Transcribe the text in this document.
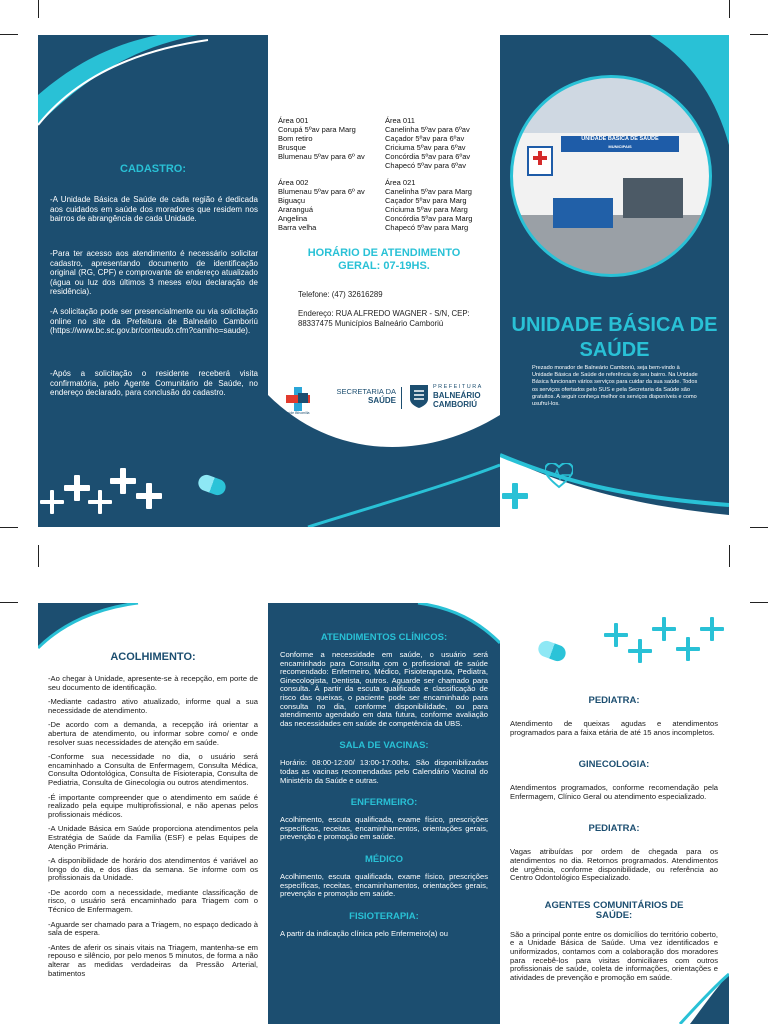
CADASTRO:

-A Unidade Básica de Saúde de cada região é dedicada aos cuidados em saúde dos moradores que residem nos bairros de abrangência de cada Unidade.

-Para ter acesso aos atendimento é necessário solicitar cadastro, apresentando documento de identificação original (RG, CPF) e comprovante de endereço atualizado (água ou luz dos últimos 3 meses e/ou declaração de residência).

-A solicitação pode ser presencialmente ou via solicitação online no site da Prefeitura de Balneário Camboriú (https://www.bc.sc.gov.br/conteudo.cfm?camiho=saude).

-Após a solicitação o residente receberá visita confirmatória, pelo Agente Comunitário de Saúde, no endereço declarado, para conclusão do cadastro.

Área 001
Corupá 5ºav para Marg
Bom retiro
Brusque
Blumenau 5ºav para 6º av
Área 011
Canelinha 5ºav para 6ºav
Caçador 5ºav para 6ºav
Criciuma 5ºav para 6ºav
Concórdia 5ºav para 6ºav
Chapecó 5ºav para 6ºav
Área 002
Blumenau 5ºav para 6º av
Biguaçu
Araranguá
Angelina
Barra velha
Área 021
Canelinha 5ºav para Marg
Caçador 5ºav para Marg
Criciuma 5ºav para Marg
Concórdia 5ºav para Marg
Chapecó 5ºav para Marg

HORÁRIO DE ATENDIMENTO GERAL: 07-19HS.

Telefone: (47) 32616289

Endereço: RUA ALFREDO WAGNER - S/N, CEP: 88337475 Municípios Balneário Camboriú

Saúde Bthomilla
SECRETARIA DA
SAÚDE
PREFEITURA
BALNEÁRIO
CAMBORIÚ
UNIDADE BÁSICA DE SAÚDE
MUNICIPAIS

UNIDADE BÁSICA DE SAÚDE

Prezado morador de Balneário Camboriú, seja bem-vindo à Unidade Básica de Saúde de referência do seu bairro. Na Unidade Básica funcionam vários serviços para cuidar da sua saúde. Todos os serviços ofertados pelo SUS e pela Secretaria da Saúde são gratuitos. A seguir conheça melhor os serviços disponíveis e como usufruí-los.

ACOLHIMENTO:

-Ao chegar à Unidade, apresente-se à recepção, em porte de seu documento de identificação.

-Mediante cadastro ativo atualizado, informe qual a sua necessidade de atendimento.

-De acordo com a demanda, a recepção irá orientar a abertura de atendimento, ou informar sobre como/ e onde resolver suas necessidades de atenção em saúde.

-Conforme sua necessidade no dia, o usuário será encaminhado a Consulta de Enfermagem, Consulta Médica, Consulta Odontológica, Consulta de Fisioterapia, Consulta de Pediatria, Consulta de Ginecologia ou outros atendimentos.

-É importante compreender que o atendimento em saúde é realizado pela equipe multiprofissional, e não apenas pelos profissionais médicos.

-A Unidade Básica em Saúde proporciona atendimentos pela Estratégia de Saúde da Família (ESF) e pelas Equipes de Atenção Primária.

-A disponibilidade de horário dos atendimentos é variável ao longo do dia, e dos dias da semana. Se informe com os profissionais da Unidade.

-De acordo com a necessidade, mediante classificação de risco, o usuário será encaminhado para Triagem com o Técnico de Enfermagem.

-Aguarde ser chamado para a Triagem, no espaço dedicado à sala de espera.

-Antes de aferir os sinais vitais na Triagem, mantenha-se em repouso e silêncio, por pelo menos 5 minutos, de forma a não alterar as medidas verdadeiras da Pressão Arterial, batimentos

ATENDIMENTOS CLÍNICOS:

Conforme a necessidade em saúde, o usuário será encaminhado para Consulta com o profissional de saúde recomendado: Enfermeiro, Médico, Fisioterapeuta, Pediatra, Ginecologista, Dentista, outros. Aguarde ser chamado para consulta. À partir da escuta qualificada e classificação de risco das queixas, o paciente pode ser encaminhado para consulta no dia, conforme disponibilidade, ou para atendimento agendado em data futura, conforme avaliação das necessidades em saúde de competência da UBS.

SALA DE VACINAS:

Horário: 08:00-12:00/ 13:00-17:00hs. São disponibilizadas todas as vacinas recomendadas pelo Calendário Vacinal do Ministério da Saúde e outras.

ENFERMEIRO:

Acolhimento, escuta qualificada, exame físico, prescrições específicas, receitas, encaminhamentos, orientações gerais, prevenção e promoção em saúde.

MÉDICO

Acolhimento, escuta qualificada, exame físico, prescrições específicas, receitas, encaminhamentos, orientações gerais, prevenção e promoção em saúde.

FISIOTERAPIA:

A partir da indicação clínica pelo Enfermeiro(a) ou

PEDIATRA:

Atendimento de queixas agudas e atendimentos programados para a faixa etária de até 15 anos incompletos.

GINECOLOGIA:

Atendimentos programados, conforme recomendação pela Enfermagem, Clínico Geral ou atendimento especializado.

PEDIATRA:

Vagas atribuídas por ordem de chegada para os atendimentos no dia. Retornos programados. Atendimentos de urgência, conforme disponibilidade, ou referência ao Centro Odontológico Especializado.

AGENTES COMUNITÁRIOS DE SAÚDE:

São a principal ponte entre os domicílios do território coberto, e a Unidade Básica de Saúde. Uma vez identificados e uniformizados, contamos com a colaboração dos moradores para recebê-los para visitas domiciliares com outros profissionais de saúde, coleta de informações, orientações e atividades de prevenção e promoção em saúde.
